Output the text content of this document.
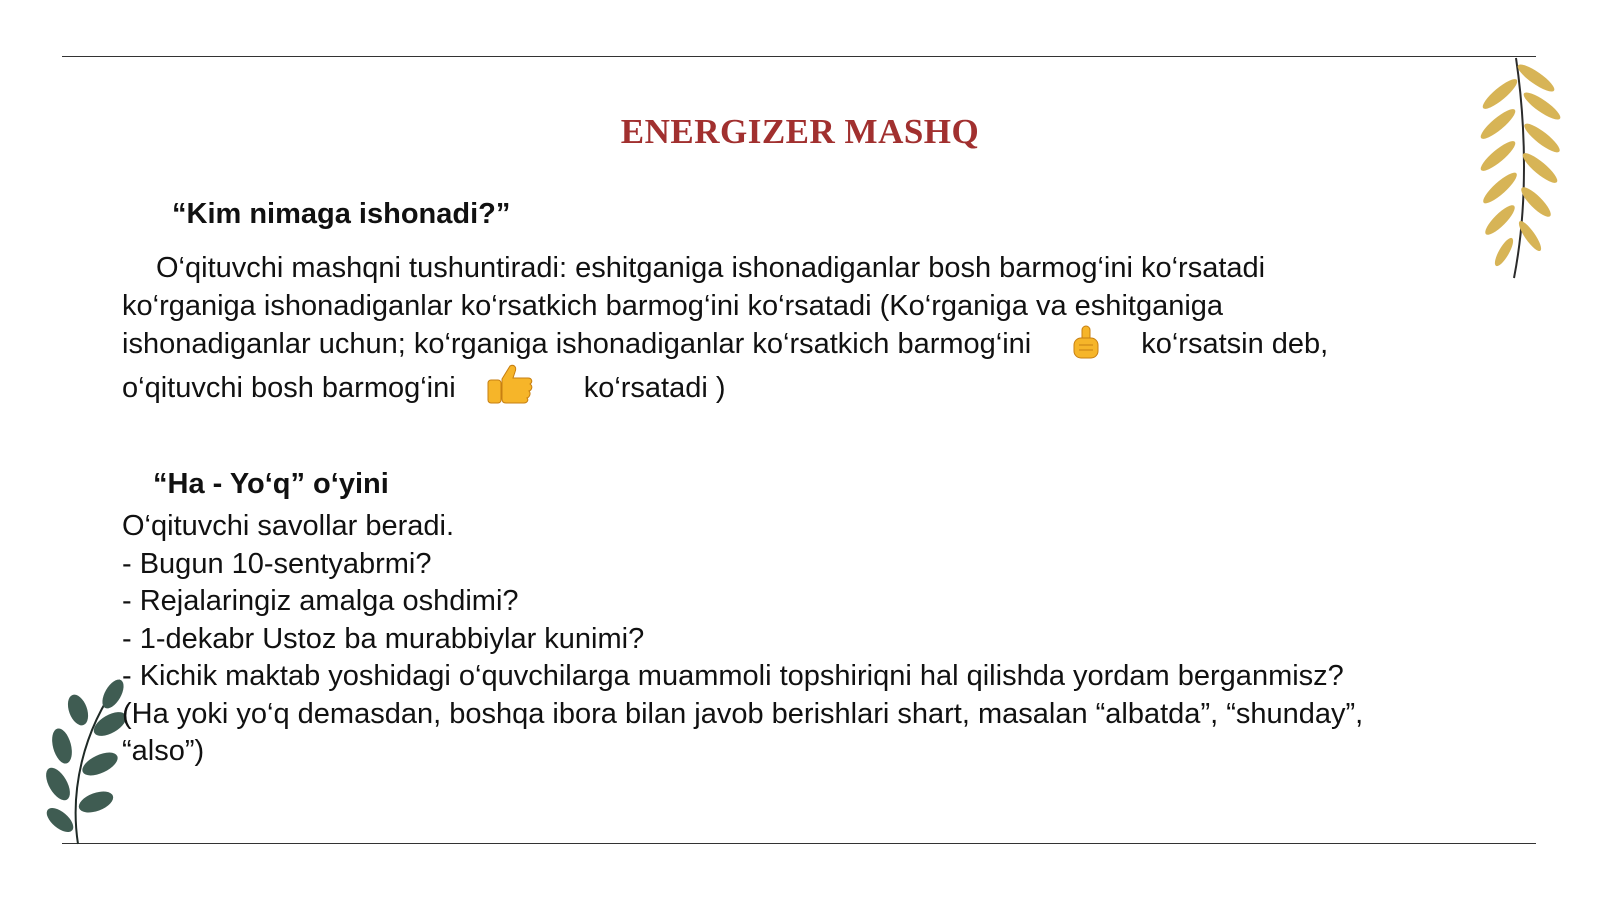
ENERGIZER MASHQ
“Kim nimaga ishonadi?”
O‘qituvchi mashqni tushuntiradi: eshitganiga ishonadiganlar bosh barmog‘ini ko‘rsatadi
ko‘rganiga ishonadiganlar ko‘rsatkich barmog‘ini ko‘rsatadi (Ko‘rganiga va eshitganiga
ishonadiganlar uchun; ko‘rganiga ishonadiganlar ko‘rsatkich barmog‘ini	ko‘rsatsin deb,
o‘qituvchi bosh barmog‘ini	ko‘rsatadi )
“Ha - Yo‘q” o‘yini
O‘qituvchi savollar beradi.
- Bugun 10-sentyabrmi?
- Rejalaringiz amalga oshdimi?
- 1-dekabr Ustoz ba murabbiylar kunimi?
- Kichik maktab yoshidagi o‘quvchilarga muammoli topshiriqni hal qilishda yordam berganmisz?
(Ha yoki yo‘q demasdan, boshqa ibora bilan javob berishlari shart, masalan “albatda”, “shunday”,
“also”)
